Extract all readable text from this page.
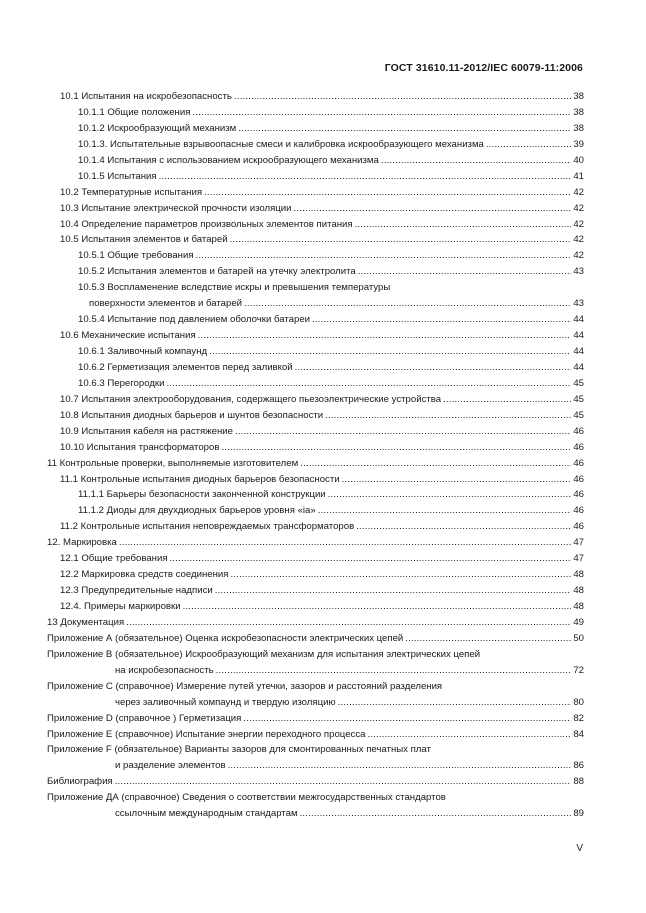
ГОСТ 31610.11-2012/IEC 60079-11:2006
10.1 Испытания на искробезопасность .....	38
10.1.1 Общие положения .....	38
10.1.2 Искрообразующий механизм .....	38
10.1.3. Испытательные взрывоопасные смеси и калибровка искрообразующего механизма .....	39
10.1.4 Испытания с использованием искрообразующего механизма .....	40
10.1.5 Испытания .....	41
10.2 Температурные испытания .....	42
10.3 Испытание электрической прочности изоляции .....	42
10.4 Определение параметров произвольных элементов питания .....	42
10.5 Испытания элементов и батарей .....	42
10.5.1 Общие требования .....	42
10.5.2 Испытания элементов и батарей на утечку электролита .....	43
10.5.3 Воспламенение вследствие искры и превышения температуры
поверхности элементов и батарей .....	43
10.5.4 Испытание под давлением оболочки батареи .....	44
10.6 Механические испытания .....	44
10.6.1 Заливочный компаунд .....	44
10.6.2 Герметизация элементов перед заливкой .....	44
10.6.3 Перегородки .....	45
10.7 Испытания электрооборудования, содержащего пьезоэлектрические устройства .....	45
10.8 Испытания диодных барьеров и шунтов безопасности .....	45
10.9 Испытания кабеля на растяжение .....	46
10.10 Испытания трансформаторов .....	46
11 Контрольные проверки, выполняемые изготовителем .....	46
11.1 Контрольные испытания диодных барьеров безопасности .....	46
11.1.1 Барьеры безопасности законченной конструкции .....	46
11.1.2 Диоды для двухдиодных барьеров уровня «ia» .....	46
11.2 Контрольные испытания неповреждаемых трансформаторов .....	46
12. Маркировка .....	47
12.1 Общие требования .....	47
12.2 Маркировка средств соединения .....	48
12.3 Предупредительные надписи .....	48
12.4. Примеры маркировки .....	48
13 Документация .....	49
Приложение А (обязательное) Оценка искробезопасности электрических цепей .....	50
Приложение В (обязательное) Искрообразующий механизм для испытания электрических цепей
на искробезопасность .....	72
Приложение С (справочное) Измерение путей утечки, зазоров и расстояний разделения
через заливочный компаунд и твердую изоляцию .....	80
Приложение D (справочное ) Герметизация .....	82
Приложение Е (справочное) Испытание энергии переходного процесса .....	84
Приложение F (обязательное) Варианты зазоров для смонтированных печатных плат
и разделение элементов .....	86
Библиография .....	88
Приложение ДА (справочное) Сведения о соответствии межгосударственных стандартов
ссылочным международным стандартам .....	89
V
